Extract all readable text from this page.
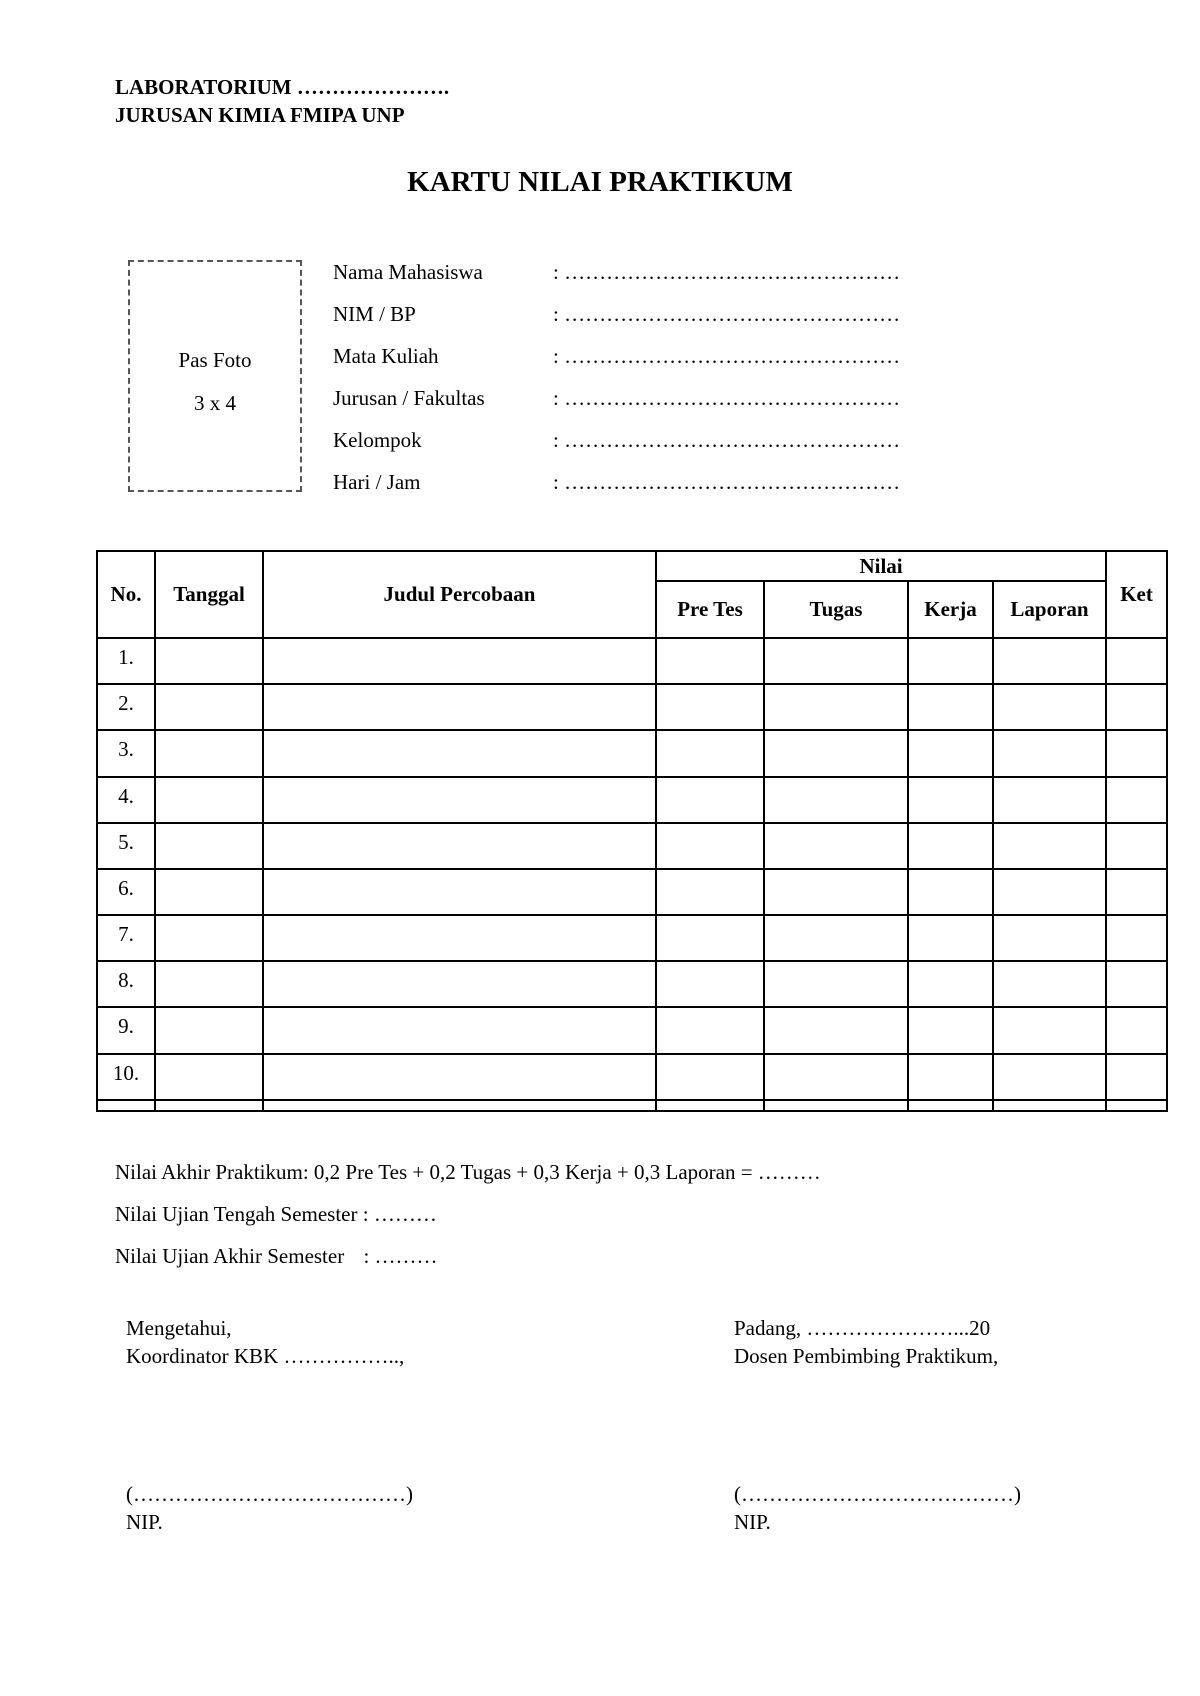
LABORATORIUM ………………….
JURUSAN KIMIA FMIPA UNP
KARTU NILAI PRAKTIKUM
Pas Foto
3 x 4
Nama Mahasiswa	: …………………………………………
NIM / BP	: …………………………………………
Mata Kuliah	: …………………………………………
Jurusan / Fakultas	: …………………………………………
Kelompok	: …………………………………………
Hari / Jam	: …………………………………………
No.	Tanggal	Judul Percobaan	Nilai				Ket
			Pre Tes	Tugas	Kerja	Laporan	
1.							
2.							
3.							
4.							
5.							
6.							
7.							
8.							
9.							
10.							

Nilai Akhir Praktikum: 0,2 Pre Tes + 0,2 Tugas + 0,3 Kerja + 0,3 Laporan = ………
Nilai Ujian Tengah Semester : ………
Nilai Ujian Akhir Semester : ………
Mengetahui,
Koordinator KBK ……………..,
Padang, …………………...20
Dosen Pembimbing Praktikum,
(…………………………………)
NIP.
(…………………………………)
NIP.
